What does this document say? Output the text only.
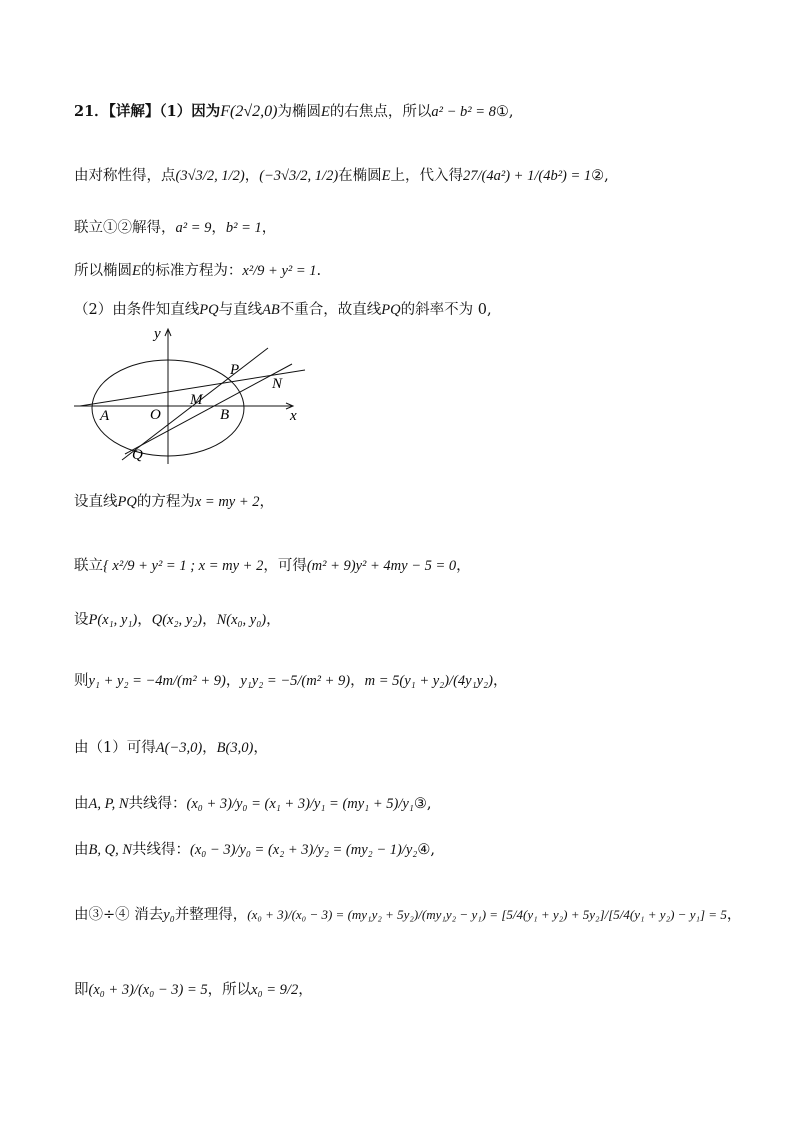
21．【详解】（1）因为F(2√2,0)为椭圆E的右焦点，所以a² − b² = 8①,
由对称性得，点(3√3/2, 1/2)，(−3√3/2, 1/2)在椭圆E上，代入得27/(4a²) + 1/(4b²) = 1②,
联立①②解得，a² = 9，b² = 1，
所以椭圆E的标准方程为：x²/9 + y² = 1.
（2）由条件知直线PQ与直线AB不重合，故直线PQ的斜率不为 0,
y
x
O
A	B
M
P
N
Q
设直线PQ的方程为x = my + 2，
联立{ x²/9 + y² = 1 ; x = my + 2，可得(m² + 9)y² + 4my − 5 = 0，
设P(x₁, y₁)，Q(x₂, y₂)，N(x₀, y₀)，
则y₁ + y₂ = −4m/(m² + 9)，y₁y₂ = −5/(m² + 9)，m = 5(y₁ + y₂)/(4y₁y₂)，
由（1）可得A(−3,0)，B(3,0)，
由A, P, N共线得：(x₀ + 3)/y₀ = (x₁ + 3)/y₁ = (my₁ + 5)/y₁③,
由B, Q, N共线得：(x₀ − 3)/y₀ = (x₂ + 3)/y₂ = (my₂ − 1)/y₂④,
由③÷④ 消去y₀并整理得，(x₀ + 3)/(x₀ − 3) = (my₁y₂ + 5y₂)/(my₁y₂ − y₁) = [5/4(y₁ + y₂) + 5y₂]/[5/4(y₁ + y₂) − y₁] = 5，
即(x₀ + 3)/(x₀ − 3) = 5，所以x₀ = 9/2，
